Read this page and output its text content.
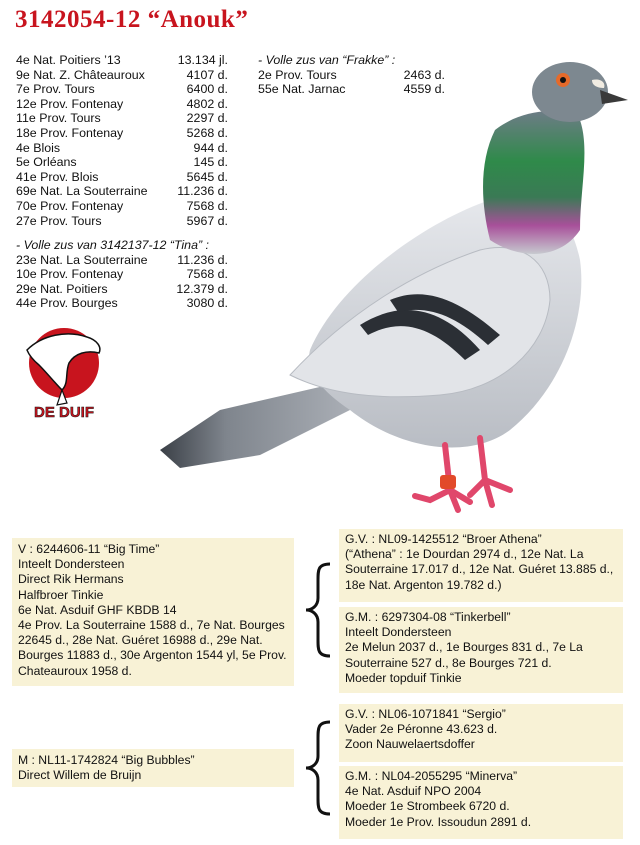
3142054-12 “Anouk”
4e Nat. Poitiers ’13	13.134 jl.
9e Nat. Z. Châteauroux	4107 d.
7e Prov. Tours	6400 d.
12e Prov. Fontenay	4802 d.
11e Prov. Tours	2297 d.
18e Prov. Fontenay	5268 d.
4e Blois	944 d.
5e Orléans	145 d.
41e Prov. Blois	5645 d.
69e Nat. La Souterraine 11.236 d.
70e Prov. Fontenay	7568 d.
27e Prov. Tours	5967 d.
- Volle zus van 3142137-12 “Tina” :
23e Nat. La Souterraine 11.236 d.
10e Prov. Fontenay	7568 d.
29e Nat. Poitiers	12.379 d.
44e Prov. Bourges	3080 d.
- Volle zus van “Frakke” :
2e Prov. Tours	2463 d.
55e Nat. Jarnac	4559 d.
DE DUIF
V : 6244606-11 “Big Time”
Inteelt Dondersteen
Direct Rik Hermans
Halfbroer Tinkie
6e Nat. Asduif GHF KBDB 14
4e Prov. La Souterraine 1588 d., 7e Nat. Bourges
22645 d., 28e Nat. Guéret 16988 d., 29e Nat.
Bourges 11883 d., 30e Argenton 1544 yl, 5e Prov.
Chateauroux 1958 d.
M : NL11-1742824 “Big Bubbles”
Direct Willem de Bruijn
G.V. : NL09-1425512 “Broer Athena”
(“Athena” : 1e Dourdan 2974 d., 12e Nat. La
Souterraine 17.017 d., 12e Nat. Guéret 13.885 d.,
18e Nat. Argenton 19.782 d.)
G.M. : 6297304-08 “Tinkerbell”
Inteelt Dondersteen
2e Melun 2037 d., 1e Bourges 831 d., 7e La
Souterraine 527 d., 8e Bourges 721 d.
Moeder topduif Tinkie
G.V. : NL06-1071841 “Sergio”
Vader 2e Péronne 43.623 d.
Zoon Nauwelaertsdoffer
G.M. : NL04-2055295 “Minerva”
4e Nat. Asduif NPO 2004
Moeder 1e Strombeek 6720 d.
Moeder 1e Prov. Issoudun 2891 d.
